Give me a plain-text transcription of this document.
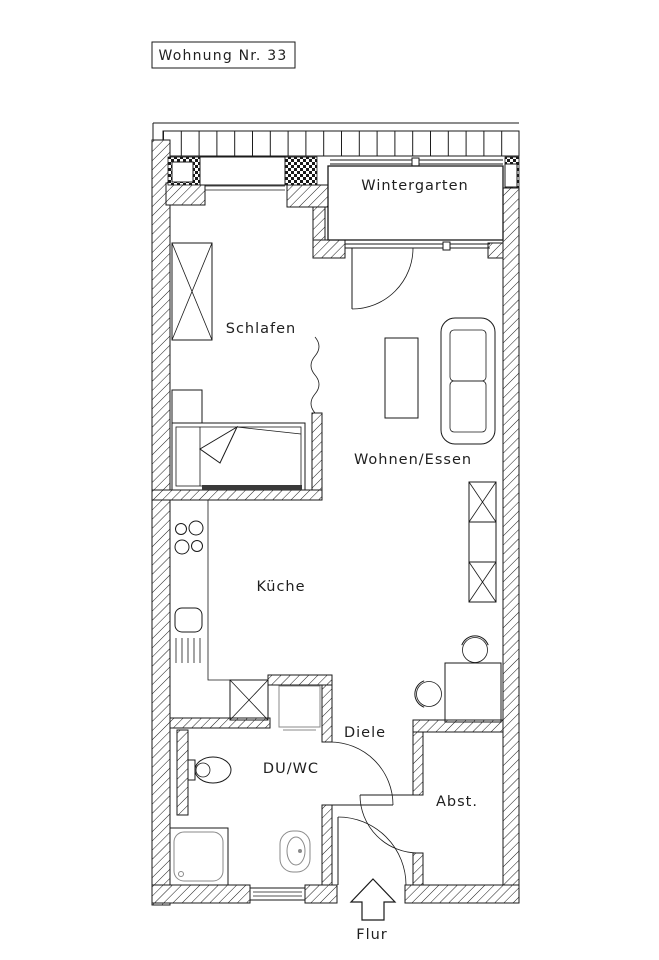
Wohnung Nr. 33
Wintergarten
Schlafen
Wohnen/Essen
Küche
DU/WC
Diele
Abst.
Flur
